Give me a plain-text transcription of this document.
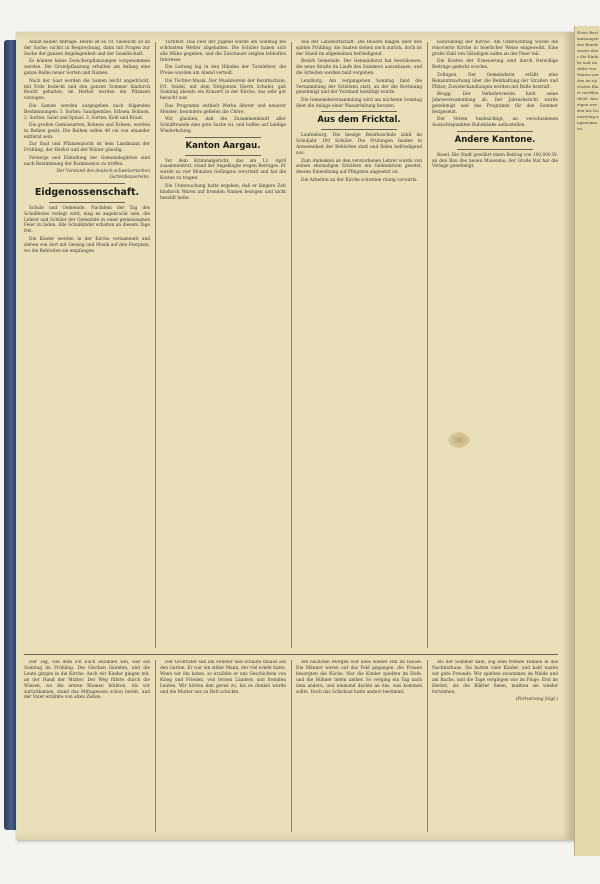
Anlaß halber Anfrage: Heute ist es 10, vielleicht 20 an der Sache; nichts in Besprechung, dann mit Fragen zur Sache der ganzen Angelegenheit und der Gesellschaft.

Es können keine Zwischenpflanzungen vorgenommen werden. Die Grundpflanzung erhalten am Anfang eine ganze Reihe neuer Sorten und Namen.

Nach der Saat werden die Samen leicht angedrückt, mit Erde bedeckt und den ganzen Sommer hindurch feucht gehalten; im Herbst werden die Pflanzen verzogen.

Die Samen werden ausgegeben nach folgenden Bestimmungen: 1. Sorten: Sandgemüse, Erbsen, Bohnen. 2. Sorten: Salat und Spinat. 3. Sorten: Kohl und Kraut.

Die großen Gemüsearten, Bohnen und Erbsen, werden in Reihen gesät. Die Reihen sollen 40 cm von einander entfernt sein.

Zur Saat und Pflanzenzucht ist dem Landmann der Frühling, der Herbst und der Winter günstig.

Vorsorge und Einteilung der Gemeindegärten sind nach Bestimmung der Kommission zu treffen.

Der Vorstand des deutsch-schweizerischen Gartenbauvereins.

Eidgenossenschaft.

Schule und Gemeinde. Nachdem der Tag des Schulfestes verlegt wird, mag es angebracht sein, die Lehrer und Schüler der Gemeinde zu einer gemeinsamen Feier zu laden. Alle Schulkinder erhalten an diesem Tage frei.

Die Kinder werden in der Kirche versammelt und ziehen von dort mit Gesang und Musik auf den Festplatz, wo die Behörden sie empfangen.

Turnfest. Das Fest der Jugend wurde am Sonntag bei schönstem Wetter abgehalten. Die Schüler haben sich alle Mühe gegeben, und die Zuschauer zeigten lebhaftes Interesse.

Die Leitung lag in den Händen der Turnlehrer, die Preise wurden am Abend verteilt.

Die Töchter-Musik. Der Musikverein der Bezirkschule, Frl. Seidel, mit dem Dirigenten Herrn Schuler, gab Sonntag abends ein Konzert in der Kirche, das sehr gut besucht war.

Das Programm enthielt Werke älterer und neuerer Meister; besonders gefielen die Chöre.

Wir glauben, daß die Zusammenkunft aller Schulfreunde eine gute Sache ist, und hoffen auf baldige Wiederholung.

Kanton Aargau.

Vor dem Kriminalgericht, das am 12. April zusammentrat, stand der Angeklagte wegen Betruges. Er wurde zu vier Monaten Gefängnis verurteilt und hat die Kosten zu tragen.

Die Untersuchung hatte ergeben, daß er längere Zeit hindurch Waren auf fremden Namen bezogen und nicht bezahlt hatte.

Aus der Landwirtschaft. Die Bauern klagen über den späten Frühling; die Saaten stehen noch zurück, doch ist der Stand im allgemeinen befriedigend.

Bezirk Gemeinde. Der Gemeinderat hat beschlossen, die neue Straße im Laufe des Sommers auszubauen, und die Arbeiten werden bald vergeben.

Lenzburg. Am vergangenen Sonntag fand die Versammlung der Schützen statt, an der die Rechnung genehmigt und der Vorstand bestätigt wurde.

Die Gemeindeversammlung wird am nächsten Sonntag über die Anlage einer Wasserleitung beraten.

Aus dem Fricktal.

Laufenburg. Die hiesige Bezirksschule zählt im Schuljahr 100 Schüler. Die Prüfungen fanden in Anwesenheit der Behörden statt und fielen befriedigend aus.

Zum Andenken an den verstorbenen Lehrer wurde von seinen ehemaligen Schülern ein Gedenkstein gesetzt, dessen Einweihung auf Pfingsten angesetzt ist.

Die Arbeiten an der Kirche schreiten rüstig vorwärts.

Einweihung der Kirche. Am Ostersonntag wurde die renovierte Kirche in feierlicher Weise eingeweiht. Eine große Zahl von Gläubigen nahm an der Feier teil.

Die Kosten der Erneuerung sind durch freiwillige Beiträge gedeckt worden.

Zofingen. Der Gemeinderat erläßt eine Bekanntmachung über die Reinhaltung der Straßen und Plätze; Zuwiderhandlungen werden mit Buße bestraft.

Brugg. Der Verkehrsverein hielt seine Jahresversammlung ab. Der Jahresbericht wurde genehmigt und das Programm für den Sommer festgesetzt.

Der Verein beabsichtigt, an verschiedenen Aussichtspunkten Ruhebänke aufzustellen.

Andere Kantone.

Basel. Die Stadt gewährt einen Beitrag von 100,000 Fr. an den Bau des neuen Museums; der Große Rat hat die Vorlage genehmigt.

Der Tag, von dem ich Euch erzählen will, war ein Sonntag im Frühling. Die Glocken läuteten, und die Leute gingen in die Kirche. Auch wir Kinder gingen mit, an der Hand der Mutter. Der Weg führte durch die Wiesen, wo die ersten Blumen blühten. Als wir zurückkamen, stand das Mittagessen schon bereit, und der Vater erzählte von alten Zeiten.

Der Großvater saß am Fenster und schaute hinaus auf den Garten. Er war ein stiller Mann, der viel erlebt hatte. Wenn wir ihn baten, so erzählte er uns Geschichten von Krieg und Frieden, von fernen Ländern und fremden Leuten. Wir hörten ihm gerne zu, bis es dunkel wurde und die Mutter uns zu Bett schickte.

Am nächsten Morgen war alles wieder still im Hause. Die Männer waren auf das Feld gegangen, die Frauen besorgten die Küche. Nur die Kinder spielten im Hofe, und die Hühner liefen umher. So verging ein Tag nach dem andern, und niemand dachte an das, was kommen sollte. Doch das Schicksal hatte anders bestimmt.

Als der Sommer kam, zog eine fremde Familie in das Nachbarhaus. Sie hatten viele Kinder, und bald waren wir gute Freunde. Wir spielten zusammen im Walde und am Bache, und die Tage vergingen wie im Fluge. Erst im Herbst, als die Blätter fielen, mußten sie wieder fortziehen.

(Fortsetzung folgt.)

Neue Bestimmungen des Bundesrates über die Einfuhr und Ausfuhr von Waren werden im nächsten Blatt veröffentlicht. Anzeigen werden bis Donnerstag angenommen.
